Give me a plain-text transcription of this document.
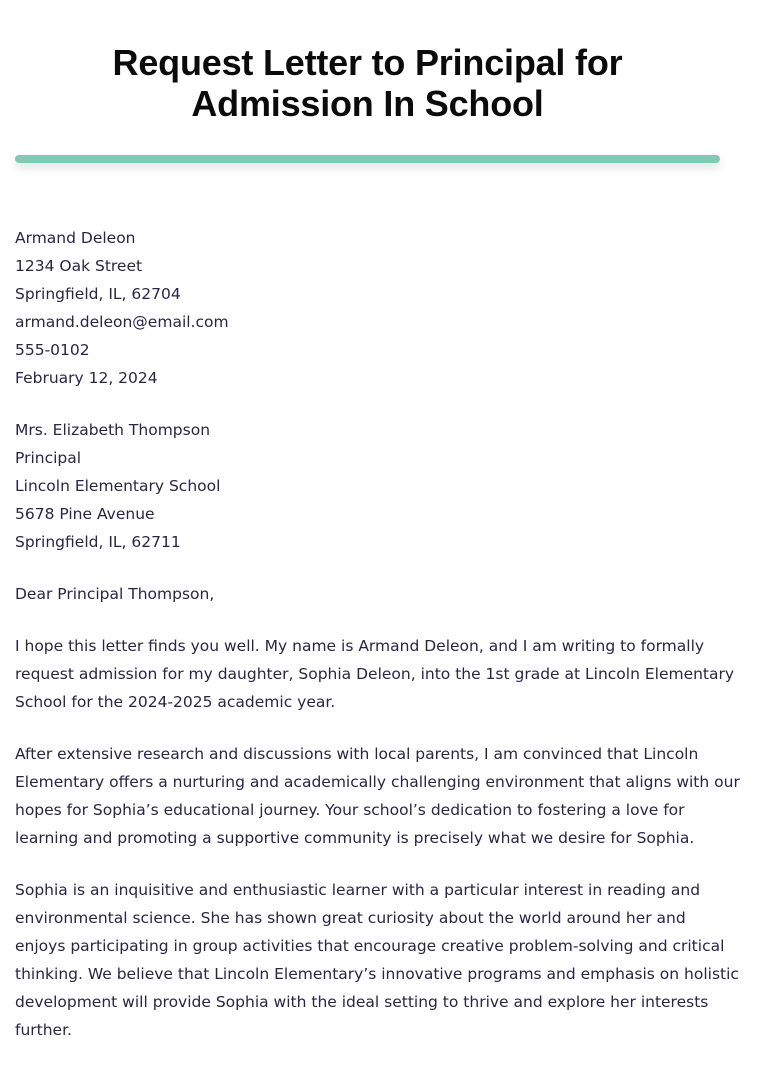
Request Letter to Principal for
Admission In School
Armand Deleon
1234 Oak Street
Springfield, IL, 62704
armand.deleon@email.com
555-0102
February 12, 2024
Mrs. Elizabeth Thompson
Principal
Lincoln Elementary School
5678 Pine Avenue
Springfield, IL, 62711
Dear Principal Thompson,
I hope this letter finds you well. My name is Armand Deleon, and I am writing to formally
request admission for my daughter, Sophia Deleon, into the 1st grade at Lincoln Elementary
School for the 2024-2025 academic year.
After extensive research and discussions with local parents, I am convinced that Lincoln
Elementary offers a nurturing and academically challenging environment that aligns with our
hopes for Sophia’s educational journey. Your school’s dedication to fostering a love for
learning and promoting a supportive community is precisely what we desire for Sophia.
Sophia is an inquisitive and enthusiastic learner with a particular interest in reading and
environmental science. She has shown great curiosity about the world around her and
enjoys participating in group activities that encourage creative problem-solving and critical
thinking. We believe that Lincoln Elementary’s innovative programs and emphasis on holistic
development will provide Sophia with the ideal setting to thrive and explore her interests
further.
